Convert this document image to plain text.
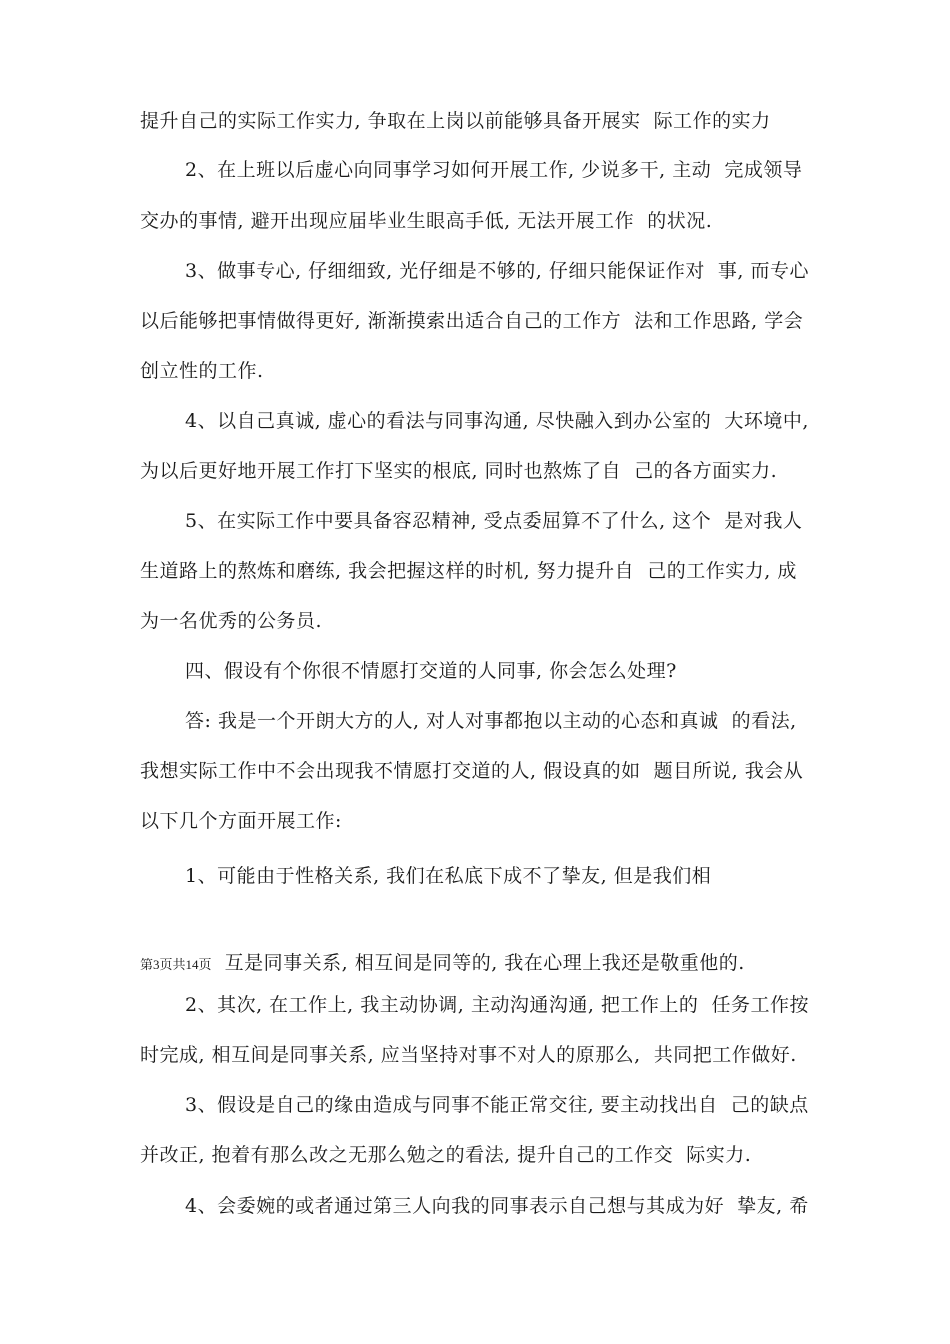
提升自己的实际工作实力, 争取在上岗以前能够具备开展实  际工作的实力
2、在上班以后虚心向同事学习如何开展工作, 少说多干, 主动  完成领导
交办的事情, 避开出现应届毕业生眼高手低, 无法开展工作  的状况.
3、做事专心, 仔细细致, 光仔细是不够的, 仔细只能保证作对  事, 而专心
以后能够把事情做得更好, 渐渐摸索出适合自己的工作方  法和工作思路, 学会
创立性的工作.
4、以自己真诚, 虚心的看法与同事沟通, 尽快融入到办公室的  大环境中,
为以后更好地开展工作打下坚实的根底, 同时也熬炼了自  己的各方面实力.
5、在实际工作中要具备容忍精神, 受点委屈算不了什么, 这个  是对我人
生道路上的熬炼和磨练, 我会把握这样的时机, 努力提升自  己的工作实力, 成
为一名优秀的公务员.
四、假设有个你很不情愿打交道的人同事, 你会怎么处理?
答: 我是一个开朗大方的人, 对人对事都抱以主动的心态和真诚  的看法,
我想实际工作中不会出现我不情愿打交道的人, 假设真的如  题目所说, 我会从
以下几个方面开展工作:
1、可能由于性格关系, 我们在私底下成不了挚友, 但是我们相
第3页共14页 互是同事关系, 相互间是同等的, 我在心理上我还是敬重他的.
2、其次, 在工作上, 我主动协调, 主动沟通沟通, 把工作上的  任务工作按
时完成, 相互间是同事关系, 应当坚持对事不对人的原那么,  共同把工作做好.
3、假设是自己的缘由造成与同事不能正常交往, 要主动找出自  己的缺点
并改正, 抱着有那么改之无那么勉之的看法, 提升自己的工作交  际实力.
4、会委婉的或者通过第三人向我的同事表示自己想与其成为好  挚友, 希
